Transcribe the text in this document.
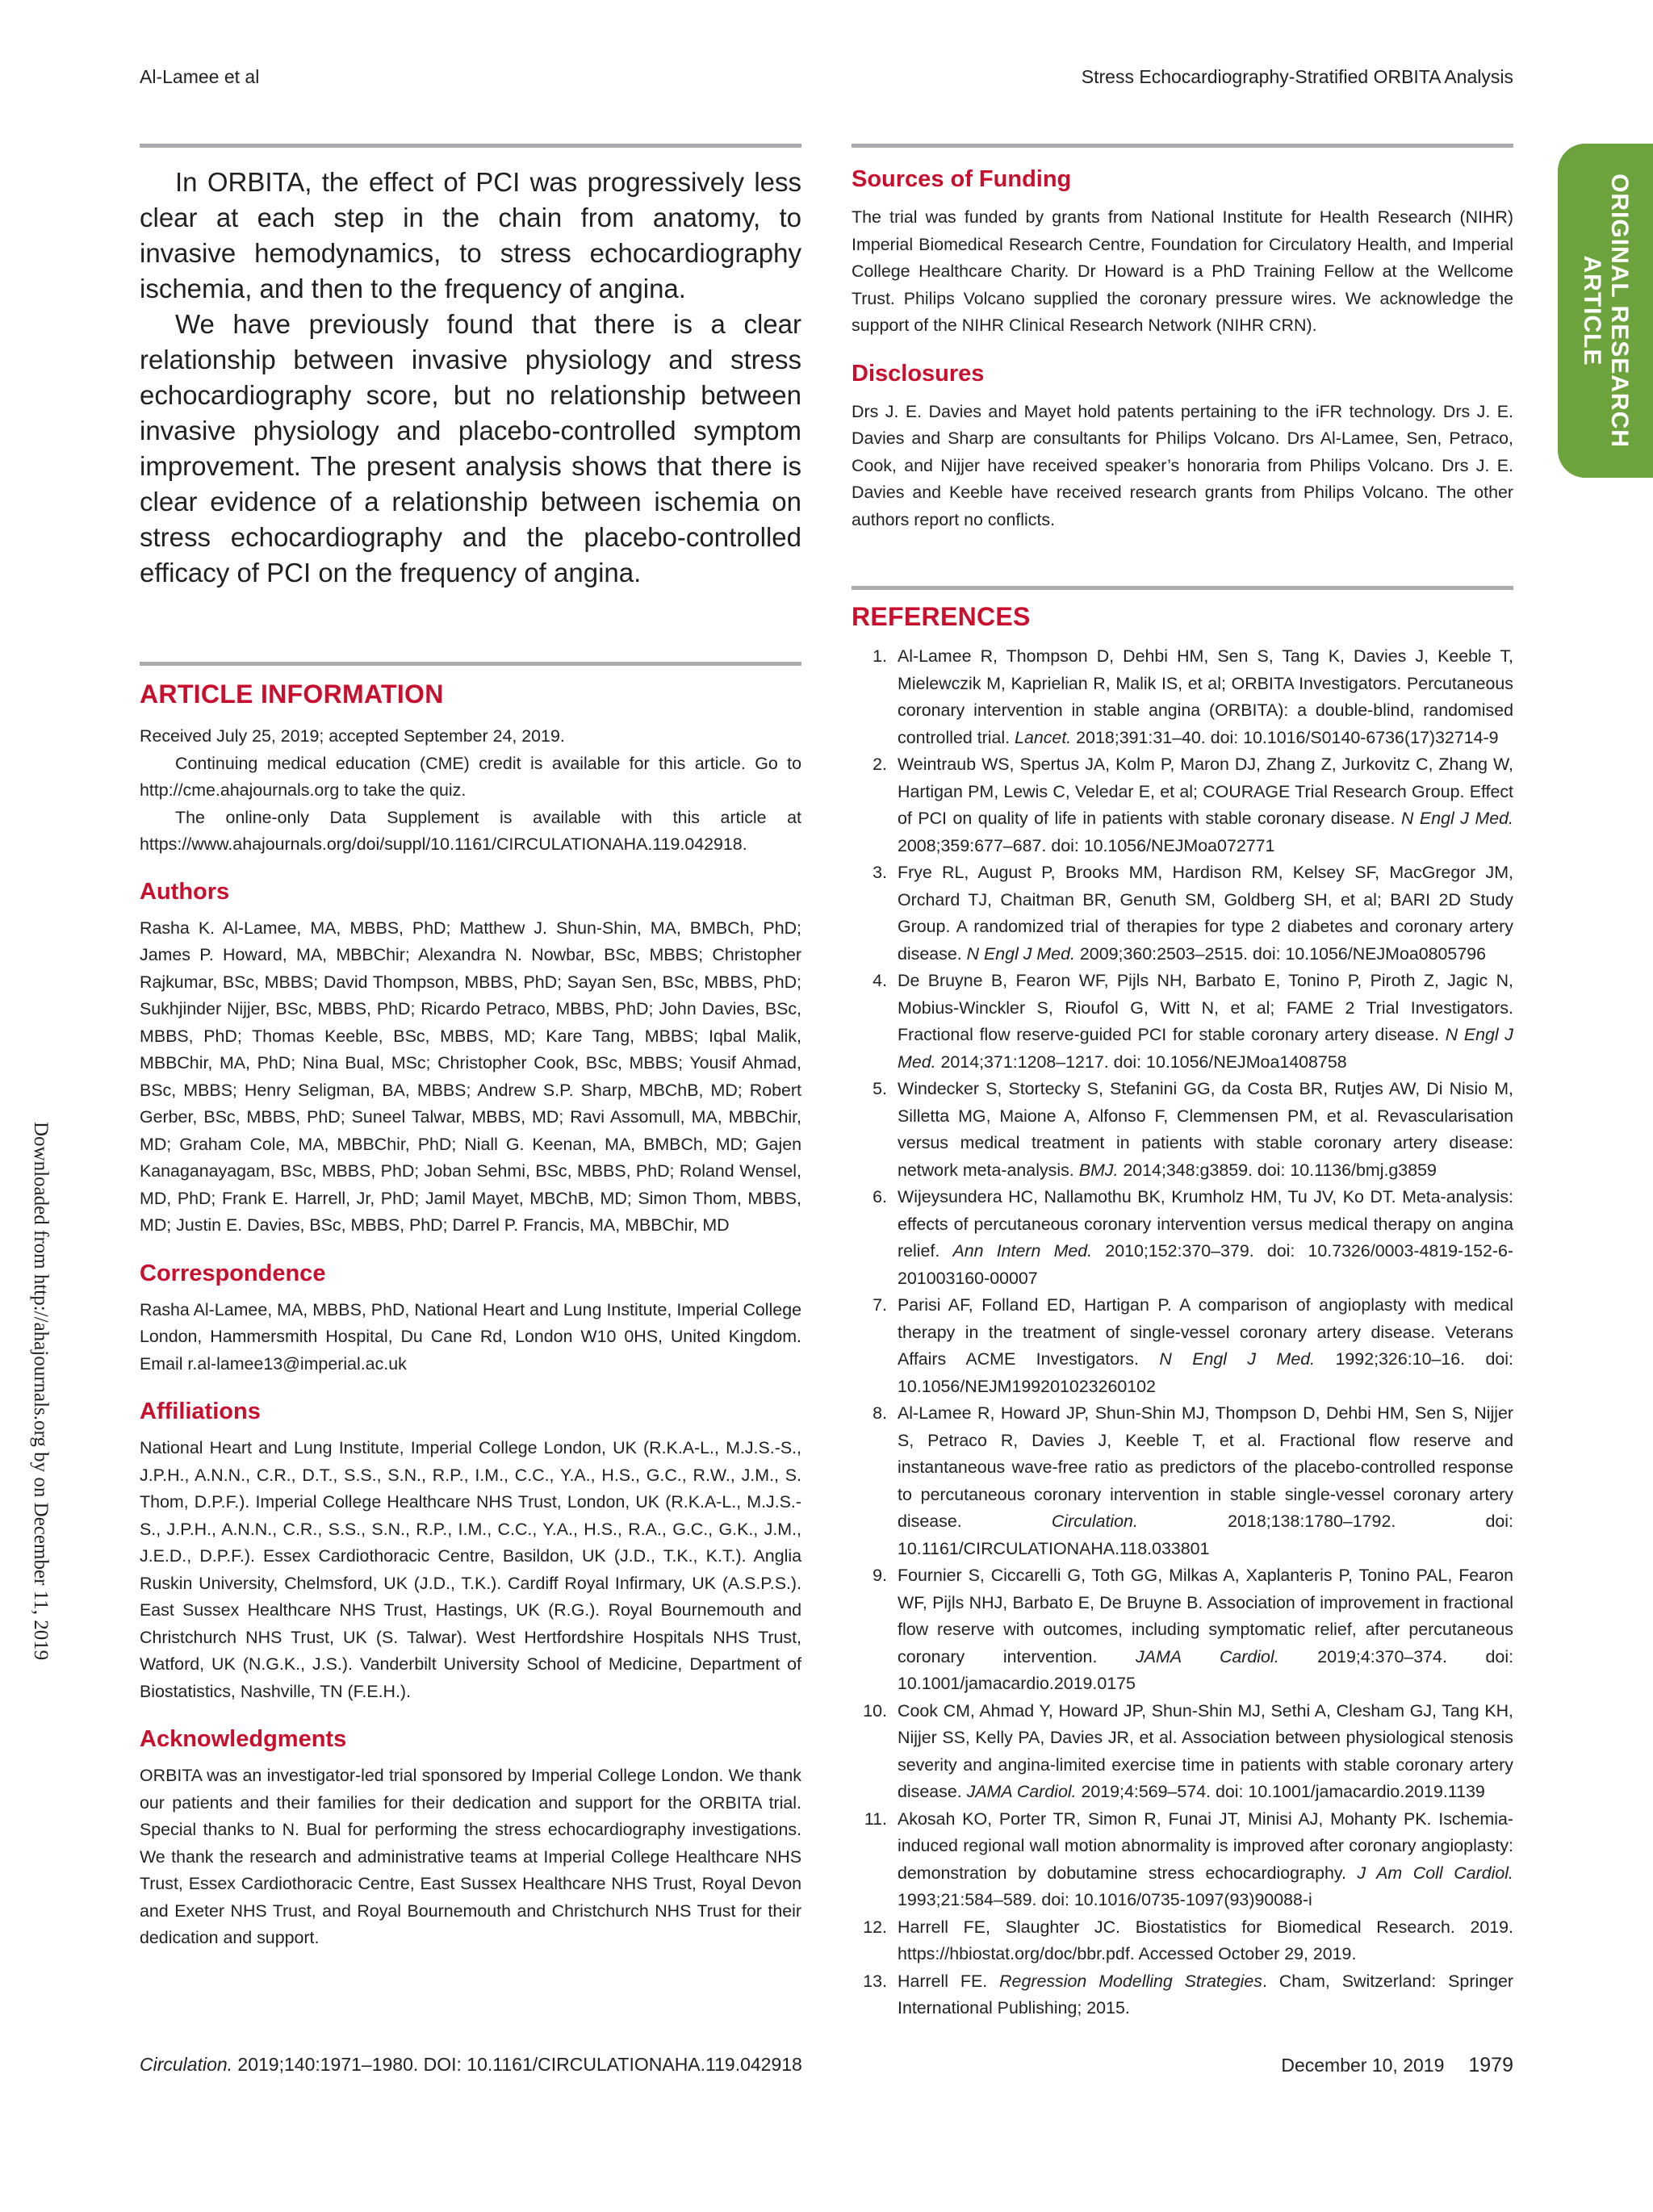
Al-Lamee et al	Stress Echocardiography-Stratified ORBITA Analysis
ORIGINAL RESEARCH
ARTICLE
Downloaded from http://ahajournals.org by on December 11, 2019

In ORBITA, the effect of PCI was progressively less clear at each step in the chain from anatomy, to invasive hemodynamics, to stress echocardiography ischemia, and then to the frequency of angina.

We have previously found that there is a clear relationship between invasive physiology and stress echocardiography score, but no relationship between invasive physiology and placebo-controlled symptom improvement. The present analysis shows that there is clear evidence of a relationship between ischemia on stress echocardiography and the placebo-controlled efficacy of PCI on the frequency of angina.

ARTICLE INFORMATION

Received July 25, 2019; accepted September 24, 2019.

Continuing medical education (CME) credit is available for this article. Go to http://cme.ahajournals.org to take the quiz.

The online-only Data Supplement is available with this article at https://www.ahajournals.org/doi/suppl/10.1161/CIRCULATIONAHA.119.042918.

Authors

Rasha K. Al-Lamee, MA, MBBS, PhD; Matthew J. Shun-Shin, MA, BMBCh, PhD; James P. Howard, MA, MBBChir; Alexandra N. Nowbar, BSc, MBBS; Christopher Rajkumar, BSc, MBBS; David Thompson, MBBS, PhD; Sayan Sen, BSc, MBBS, PhD; Sukhjinder Nijjer, BSc, MBBS, PhD; Ricardo Petraco, MBBS, PhD; John Davies, BSc, MBBS, PhD; Thomas Keeble, BSc, MBBS, MD; Kare Tang, MBBS; Iqbal Malik, MBBChir, MA, PhD; Nina Bual, MSc; Christopher Cook, BSc, MBBS; Yousif Ahmad, BSc, MBBS; Henry Seligman, BA, MBBS; Andrew S.P. Sharp, MBChB, MD; Robert Gerber, BSc, MBBS, PhD; Suneel Talwar, MBBS, MD; Ravi Assomull, MA, MBBChir, MD; Graham Cole, MA, MBBChir, PhD; Niall G. Keenan, MA, BMBCh, MD; Gajen Kanaganayagam, BSc, MBBS, PhD; Joban Sehmi, BSc, MBBS, PhD; Roland Wensel, MD, PhD; Frank E. Harrell, Jr, PhD; Jamil Mayet, MBChB, MD; Simon Thom, MBBS, MD; Justin E. Davies, BSc, MBBS, PhD; Darrel P. Francis, MA, MBBChir, MD

Correspondence

Rasha Al-Lamee, MA, MBBS, PhD, National Heart and Lung Institute, Imperial College London, Hammersmith Hospital, Du Cane Rd, London W10 0HS, United Kingdom. Email r.al-lamee13@imperial.ac.uk

Affiliations

National Heart and Lung Institute, Imperial College London, UK (R.K.A-L., M.J.S.-S., J.P.H., A.N.N., C.R., D.T., S.S., S.N., R.P., I.M., C.C., Y.A., H.S., G.C., R.W., J.M., S. Thom, D.P.F.). Imperial College Healthcare NHS Trust, London, UK (R.K.A-L., M.J.S.-S., J.P.H., A.N.N., C.R., S.S., S.N., R.P., I.M., C.C., Y.A., H.S., R.A., G.C., G.K., J.M., J.E.D., D.P.F.). Essex Cardiothoracic Centre, Basildon, UK (J.D., T.K., K.T.). Anglia Ruskin University, Chelmsford, UK (J.D., T.K.). Cardiff Royal Infirmary, UK (A.S.P.S.). East Sussex Healthcare NHS Trust, Hastings, UK (R.G.). Royal Bournemouth and Christchurch NHS Trust, UK (S. Talwar). West Hertfordshire Hospitals NHS Trust, Watford, UK (N.G.K., J.S.). Vanderbilt University School of Medicine, Department of Biostatistics, Nashville, TN (F.E.H.).

Acknowledgments

ORBITA was an investigator-led trial sponsored by Imperial College London. We thank our patients and their families for their dedication and support for the ORBITA trial. Special thanks to N. Bual for performing the stress echocardiography investigations. We thank the research and administrative teams at Imperial College Healthcare NHS Trust, Essex Cardiothoracic Centre, East Sussex Healthcare NHS Trust, Royal Devon and Exeter NHS Trust, and Royal Bournemouth and Christchurch NHS Trust for their dedication and support.

Sources of Funding

The trial was funded by grants from National Institute for Health Research (NIHR) Imperial Biomedical Research Centre, Foundation for Circulatory Health, and Imperial College Healthcare Charity. Dr Howard is a PhD Training Fellow at the Wellcome Trust. Philips Volcano supplied the coronary pressure wires. We acknowledge the support of the NIHR Clinical Research Network (NIHR CRN).

Disclosures

Drs J. E. Davies and Mayet hold patents pertaining to the iFR technology. Drs J. E. Davies and Sharp are consultants for Philips Volcano. Drs Al-Lamee, Sen, Petraco, Cook, and Nijjer have received speaker’s honoraria from Philips Volcano. Drs J. E. Davies and Keeble have received research grants from Philips Volcano. The other authors report no conflicts.

REFERENCES
1. Al-Lamee R, Thompson D, Dehbi HM, Sen S, Tang K, Davies J, Keeble T, Mielewczik M, Kaprielian R, Malik IS, et al; ORBITA Investigators. Percutaneous coronary intervention in stable angina (ORBITA): a double-blind, randomised controlled trial. Lancet. 2018;391:31–40. doi: 10.1016/S0140-6736(17)32714-9
2. Weintraub WS, Spertus JA, Kolm P, Maron DJ, Zhang Z, Jurkovitz C, Zhang W, Hartigan PM, Lewis C, Veledar E, et al; COURAGE Trial Research Group. Effect of PCI on quality of life in patients with stable coronary disease. N Engl J Med. 2008;359:677–687. doi: 10.1056/NEJMoa072771
3. Frye RL, August P, Brooks MM, Hardison RM, Kelsey SF, MacGregor JM, Orchard TJ, Chaitman BR, Genuth SM, Goldberg SH, et al; BARI 2D Study Group. A randomized trial of therapies for type 2 diabetes and coronary artery disease. N Engl J Med. 2009;360:2503–2515. doi: 10.1056/NEJMoa0805796
4. De Bruyne B, Fearon WF, Pijls NH, Barbato E, Tonino P, Piroth Z, Jagic N, Mobius-Winckler S, Rioufol G, Witt N, et al; FAME 2 Trial Investigators. Fractional flow reserve-guided PCI for stable coronary artery disease. N Engl J Med. 2014;371:1208–1217. doi: 10.1056/NEJMoa1408758
5. Windecker S, Stortecky S, Stefanini GG, da Costa BR, Rutjes AW, Di Nisio M, Silletta MG, Maione A, Alfonso F, Clemmensen PM, et al. Revascularisation versus medical treatment in patients with stable coronary artery disease: network meta-analysis. BMJ. 2014;348:g3859. doi: 10.1136/bmj.g3859
6. Wijeysundera HC, Nallamothu BK, Krumholz HM, Tu JV, Ko DT. Meta-analysis: effects of percutaneous coronary intervention versus medical therapy on angina relief. Ann Intern Med. 2010;152:370–379. doi: 10.7326/0003-4819-152-6-201003160-00007
7. Parisi AF, Folland ED, Hartigan P. A comparison of angioplasty with medical therapy in the treatment of single-vessel coronary artery disease. Veterans Affairs ACME Investigators. N Engl J Med. 1992;326:10–16. doi: 10.1056/NEJM199201023260102
8. Al-Lamee R, Howard JP, Shun-Shin MJ, Thompson D, Dehbi HM, Sen S, Nijjer S, Petraco R, Davies J, Keeble T, et al. Fractional flow reserve and instantaneous wave-free ratio as predictors of the placebo-controlled response to percutaneous coronary intervention in stable single-vessel coronary artery disease. Circulation. 2018;138:1780–1792. doi: 10.1161/CIRCULATIONAHA.118.033801
9. Fournier S, Ciccarelli G, Toth GG, Milkas A, Xaplanteris P, Tonino PAL, Fearon WF, Pijls NHJ, Barbato E, De Bruyne B. Association of improvement in fractional flow reserve with outcomes, including symptomatic relief, after percutaneous coronary intervention. JAMA Cardiol. 2019;4:370–374. doi: 10.1001/jamacardio.2019.0175
10. Cook CM, Ahmad Y, Howard JP, Shun-Shin MJ, Sethi A, Clesham GJ, Tang KH, Nijjer SS, Kelly PA, Davies JR, et al. Association between physiological stenosis severity and angina-limited exercise time in patients with stable coronary artery disease. JAMA Cardiol. 2019;4:569–574. doi: 10.1001/jamacardio.2019.1139
11. Akosah KO, Porter TR, Simon R, Funai JT, Minisi AJ, Mohanty PK. Ischemia-induced regional wall motion abnormality is improved after coronary angioplasty: demonstration by dobutamine stress echocardiography. J Am Coll Cardiol. 1993;21:584–589. doi: 10.1016/0735-1097(93)90088-i
12. Harrell FE, Slaughter JC. Biostatistics for Biomedical Research. 2019. https://hbiostat.org/doc/bbr.pdf. Accessed October 29, 2019.
13. Harrell FE. Regression Modelling Strategies. Cham, Switzerland: Springer International Publishing; 2015.
Circulation. 2019;140:1971–1980. DOI: 10.1161/CIRCULATIONAHA.119.042918	December 10, 2019 1979
